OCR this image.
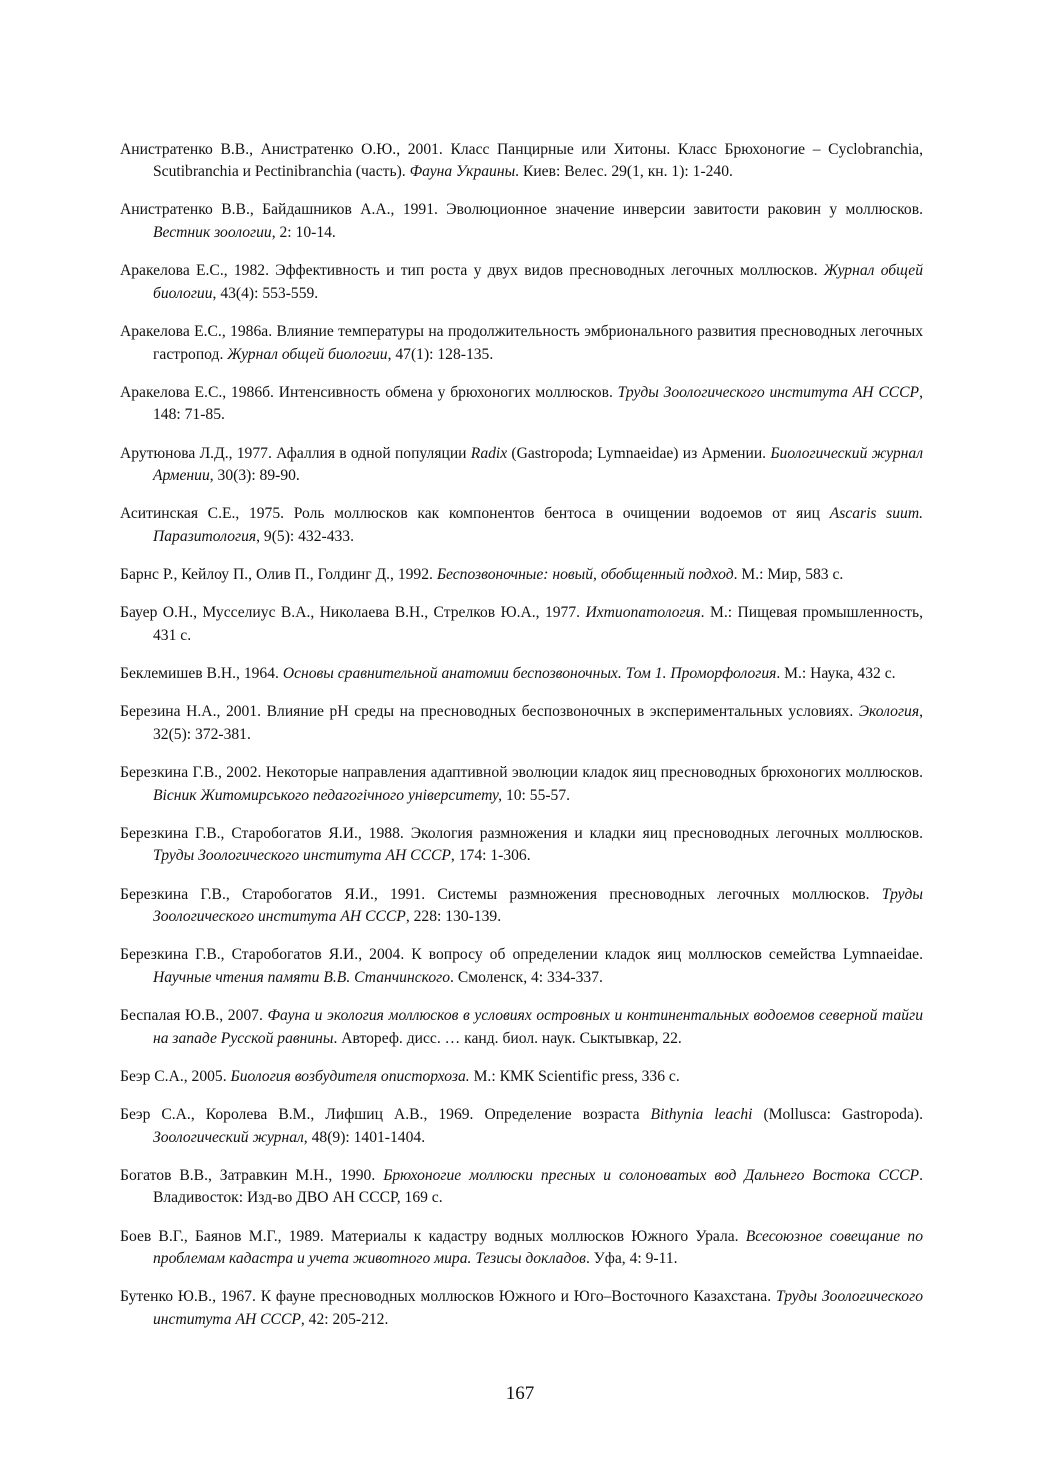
Анистратенко В.В., Анистратенко О.Ю., 2001. Класс Панцирные или Хитоны. Класс Брюхоногие – Cyclobranchia, Scutibranchia и Pectinibranchia (часть). Фауна Украины. Киев: Велес. 29(1, кн. 1): 1-240.

Анистратенко В.В., Байдашников А.А., 1991. Эволюционное значение инверсии завитости раковин у моллюсков. Вестник зоологии, 2: 10-14.

Аракелова Е.С., 1982. Эффективность и тип роста у двух видов пресноводных легочных моллюсков. Журнал общей биологии, 43(4): 553-559.

Аракелова Е.С., 1986а. Влияние температуры на продолжительность эмбрионального развития пресноводных легочных гастропод. Журнал общей биологии, 47(1): 128-135.

Аракелова Е.С., 1986б. Интенсивность обмена у брюхоногих моллюсков. Труды Зоологического института АН СССР, 148: 71-85.

Арутюнова Л.Д., 1977. Афаллия в одной популяции Radix (Gastropoda; Lymnaeidae) из Армении. Биологический журнал Армении, 30(3): 89-90.

Аситинская С.Е., 1975. Роль моллюсков как компонентов бентоса в очищении водоемов от яиц Ascaris suum. Паразитология, 9(5): 432-433.

Барнс Р., Кейлоу П., Олив П., Голдинг Д., 1992. Беспозвоночные: новый, обобщенный подход. М.: Мир, 583 с.

Бауер О.Н., Мусселиус В.А., Николаева В.Н., Стрелков Ю.А., 1977. Ихтиопатология. М.: Пищевая промышленность, 431 с.

Беклемишев В.Н., 1964. Основы сравнительной анатомии беспозвоночных. Том 1. Проморфология. М.: Наука, 432 с.

Березина Н.А., 2001. Влияние pH среды на пресноводных беспозвоночных в экспериментальных условиях. Экология, 32(5): 372-381.

Березкина Г.В., 2002. Некоторые направления адаптивной эволюции кладок яиц пресноводных брюхоногих моллюсков. Вісник Житомирського педагогічного університету, 10: 55-57.

Березкина Г.В., Старобогатов Я.И., 1988. Экология размножения и кладки яиц пресноводных легочных моллюсков. Труды Зоологического института АН СССР, 174: 1-306.

Березкина Г.В., Старобогатов Я.И., 1991. Системы размножения пресноводных легочных моллюсков. Труды Зоологического института АН СССР, 228: 130-139.

Березкина Г.В., Старобогатов Я.И., 2004. К вопросу об определении кладок яиц моллюсков семейства Lymnaeidae. Научные чтения памяти В.В. Станчинского. Смоленск, 4: 334-337.

Беспалая Ю.В., 2007. Фауна и экология моллюсков в условиях островных и континентальных водоемов северной тайги на западе Русской равнины. Автореф. дисс. … канд. биол. наук. Сыктывкар, 22.

Беэр С.А., 2005. Биология возбудителя описторхоза. М.: КМК Scientific press, 336 с.

Беэр С.А., Королева В.М., Лифшиц А.В., 1969. Определение возраста Bithynia leachi (Mollusca: Gastropoda). Зоологический журнал, 48(9): 1401-1404.

Богатов В.В., Затравкин М.Н., 1990. Брюхоногие моллюски пресных и солоноватых вод Дальнего Востока СССР. Владивосток: Изд-во ДВО АН СССР, 169 с.

Боев В.Г., Баянов М.Г., 1989. Материалы к кадастру водных моллюсков Южного Урала. Всесоюзное совещание по проблемам кадастра и учета животного мира. Тезисы докладов. Уфа, 4: 9-11.

Бутенко Ю.В., 1967. К фауне пресноводных моллюсков Южного и Юго–Восточного Казахстана. Труды Зоологического института АН СССР, 42: 205-212.

167
